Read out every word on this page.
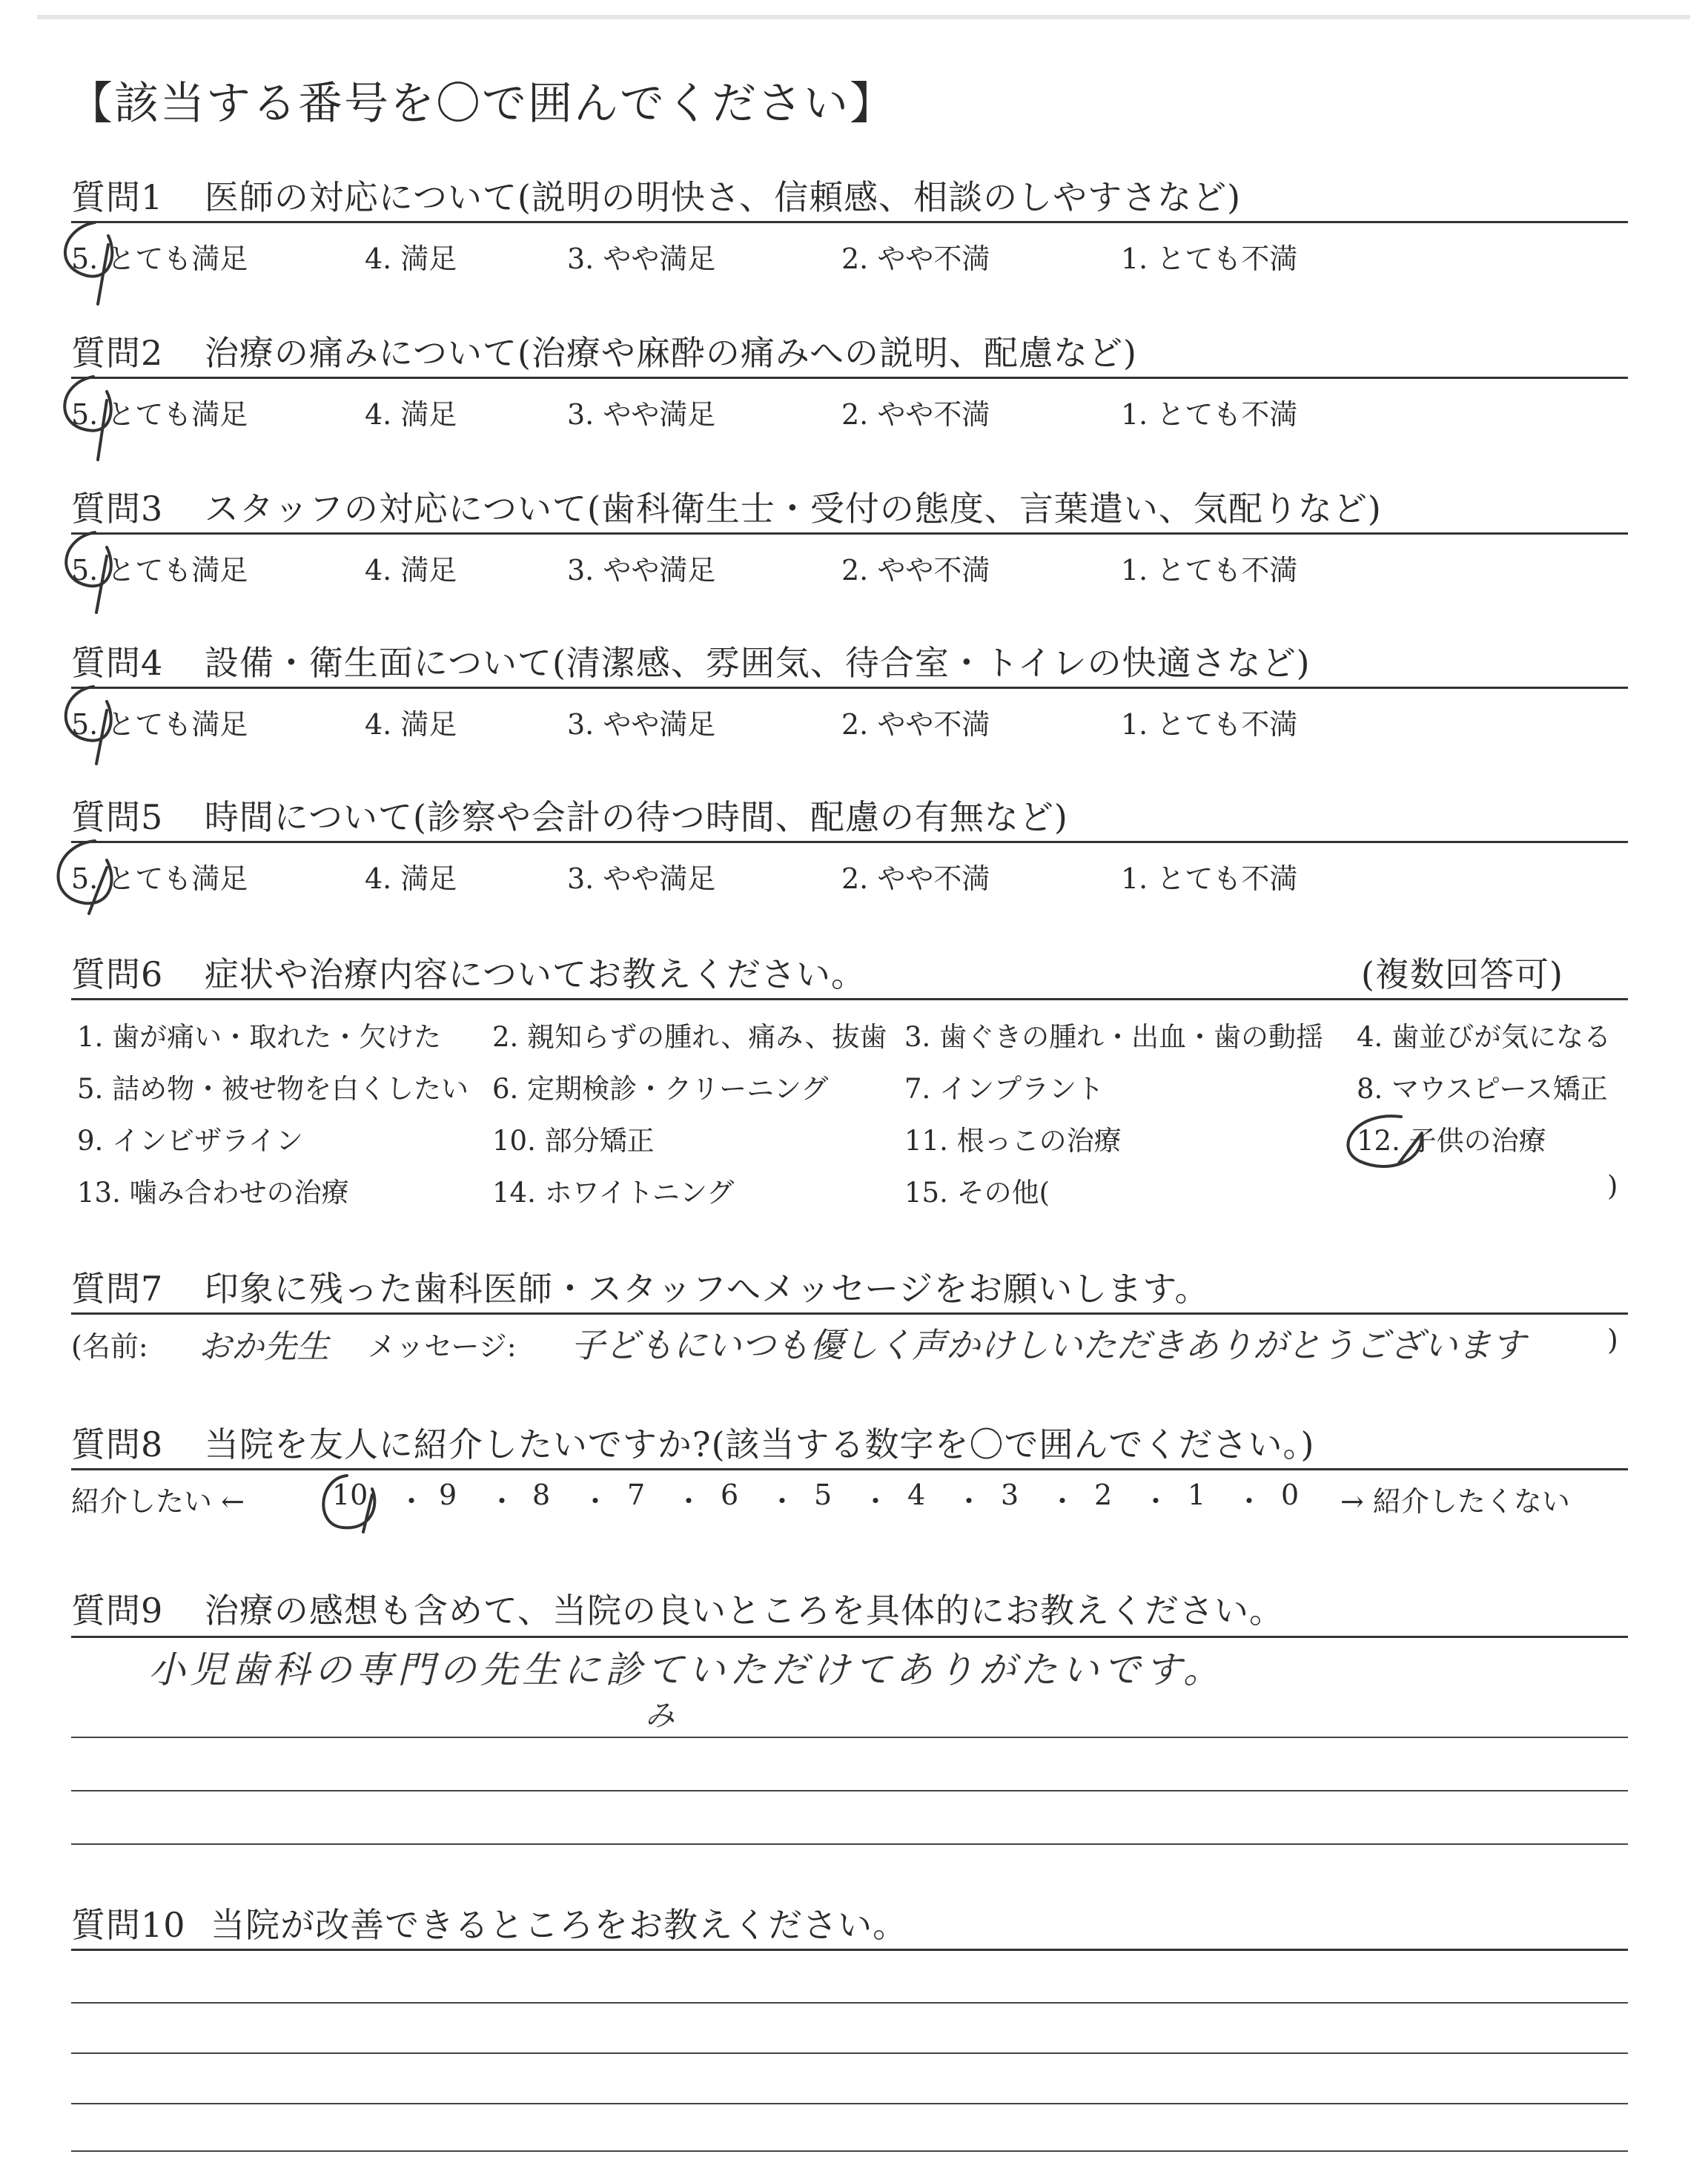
【該当する番号を〇で囲んでください】
質問1 医師の対応について(説明の明快さ、信頼感、相談のしやすさなど)
5. とても満足	4. 満足	3. やや満足	2. やや不満	1. とても不満
質問2 治療の痛みについて(治療や麻酔の痛みへの説明、配慮など)
5. とても満足	4. 満足	3. やや満足	2. やや不満	1. とても不満
質問3 スタッフの対応について(歯科衛生士・受付の態度、言葉遣い、気配りなど)
5. とても満足	4. 満足	3. やや満足	2. やや不満	1. とても不満
質問4 設備・衛生面について(清潔感、雰囲気、待合室・トイレの快適さなど)
5. とても満足	4. 満足	3. やや満足	2. やや不満	1. とても不満
質問5 時間について(診察や会計の待つ時間、配慮の有無など)
5. とても満足	4. 満足	3. やや満足	2. やや不満	1. とても不満
質問6 症状や治療内容についてお教えください。	(複数回答可)
1. 歯が痛い・取れた・欠けた 2. 親知らずの腫れ、痛み、抜歯 3. 歯ぐきの腫れ・出血・歯の動揺 4. 歯並びが気になる
5. 詰め物・被せ物を白くしたい 6. 定期検診・クリーニング	7. インプラント	8. マウスピース矯正
9. インビザライン	10. 部分矯正	11. 根っこの治療	12. 子供の治療
13. 噛み合わせの治療	14. ホワイトニング	15. その他(	)
質問7 印象に残った歯科医師・スタッフへメッセージをお願いします。
(名前: おか先生 メッセージ: 子どもにいつも優しく声かけしいただきありがとうございます	)
質問8 当院を友人に紹介したいですか?(該当する数字を〇で囲んでください。)
紹介したい ←	10 ・ 9 ・ 8 ・ 7 ・ 6 ・ 5 ・ 4 ・ 3 ・ 2 ・ 1 ・ 0 → 紹介したくない
質問9 治療の感想も含めて、当院の良いところを具体的にお教えください。
小児歯科の専門の先生に診ていただけてありがたいです。
み
質問10 当院が改善できるところをお教えください。
